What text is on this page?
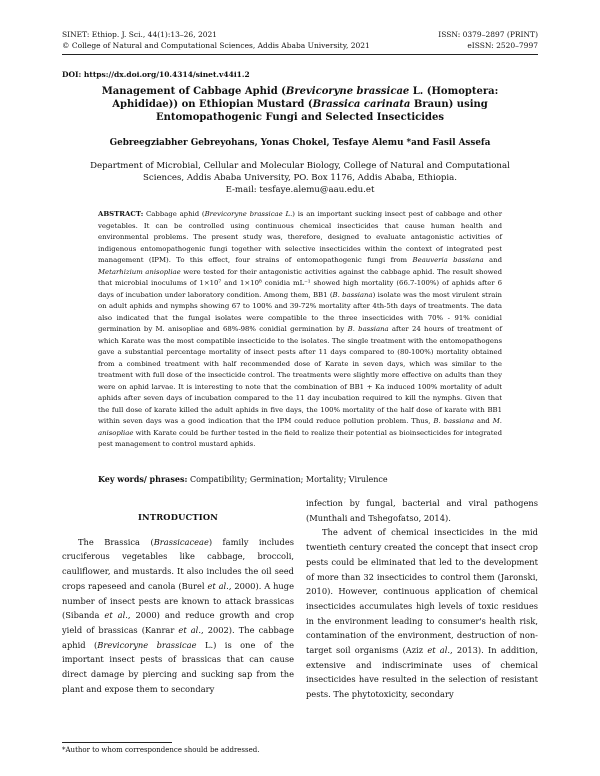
SINET: Ethiop. J. Sci., 44(1):13–26, 2021	ISSN: 0379–2897 (PRINT)
© College of Natural and Computational Sciences, Addis Ababa University, 2021	eISSN: 2520–7997
DOI: https://dx.doi.org/10.4314/sinet.v44i1.2
Management of Cabbage Aphid (Brevicoryne brassicae L. (Homoptera: Aphididae)) on Ethiopian Mustard (Brassica carinata Braun) using Entomopathogenic Fungi and Selected Insecticides
Gebreegziabher Gebreyohans, Yonas Chokel, Tesfaye Alemu *and Fasil Assefa
Department of Microbial, Cellular and Molecular Biology, College of Natural and Computational Sciences, Addis Ababa University, PO. Box 1176, Addis Ababa, Ethiopia.
E-mail: tesfaye.alemu@aau.edu.et
ABSTRACT: Cabbage aphid (Brevicoryne brassicae L.) is an important sucking insect pest of cabbage and other vegetables. It can be controlled using continuous chemical insecticides that cause human health and environmental problems. The present study was, therefore, designed to evaluate antagonistic activities of indigenous entomopathogenic fungi together with selective insecticides within the context of integrated pest management (IPM). To this effect, four strains of entomopathogenic fungi from Beauveria bassiana and Metarhizium anisopliae were tested for their antagonistic activities against the cabbage aphid. The result showed that microbial inoculums of 1×10⁷ and 1×10⁸ conidia mL⁻¹ showed high mortality (66.7-100%) of aphids after 6 days of incubation under laboratory condition. Among them, BB1 (B. bassiana) isolate was the most virulent strain on adult aphids and nymphs showing 67 to 100% and 39-72% mortality after 4th-5th days of treatments. The data also indicated that the fungal isolates were compatible to the three insecticides with 70% - 91% conidial germination by M. anisopliae and 68%-98% conidial germination by B. bassiana after 24 hours of treatment of which Karate was the most compatible insecticide to the isolates. The single treatment with the entomopathogens gave a substantial percentage mortality of insect pests after 11 days compared to (80-100%) mortality obtained from a combined treatment with half recommended dose of Karate in seven days, which was similar to the treatment with full dose of the insecticide control. The treatments were slightly more effective on adults than they were on aphid larvae. It is interesting to note that the combination of BB1 + Ka induced 100% mortality of adult aphids after seven days of incubation compared to the 11 day incubation required to kill the nymphs. Given that the full dose of karate killed the adult aphids in five days, the 100% mortality of the half dose of karate with BB1 within seven days was a good indication that the IPM could reduce pollution problem. Thus, B. bassiana and M. anisopliae with Karate could be further tested in the field to realize their potential as bioinsecticides for integrated pest management to control mustard aphids.
Key words/ phrases: Compatibility; Germination; Mortality; Virulence

INTRODUCTION

The Brassica (Brassicaceae) family includes cruciferous vegetables like cabbage, broccoli, cauliflower, and mustards. It also includes the oil seed crops rapeseed and canola (Burel et al., 2000). A huge number of insect pests are known to attack brassicas (Sibanda et al., 2000) and reduce growth and crop yield of brassicas (Kanrar et al., 2002). The cabbage aphid (Brevicoryne brassicae L.) is one of the important insect pests of brassicas that can cause direct damage by piercing and sucking sap from the plant and expose them to secondary

infection by fungal, bacterial and viral pathogens (Munthali and Tshegofatso, 2014).

The advent of chemical insecticides in the mid twentieth century created the concept that insect crop pests could be eliminated that led to the development of more than 32 insecticides to control them (Jaronski, 2010). However, continuous application of chemical insecticides accumulates high levels of toxic residues in the environment leading to consumer's health risk, contamination of the environment, destruction of non-target soil organisms (Aziz et al., 2013). In addition, extensive and indiscriminate uses of chemical insecticides have resulted in the selection of resistant pests. The phytotoxicity, secondary

*Author to whom correspondence should be addressed.
